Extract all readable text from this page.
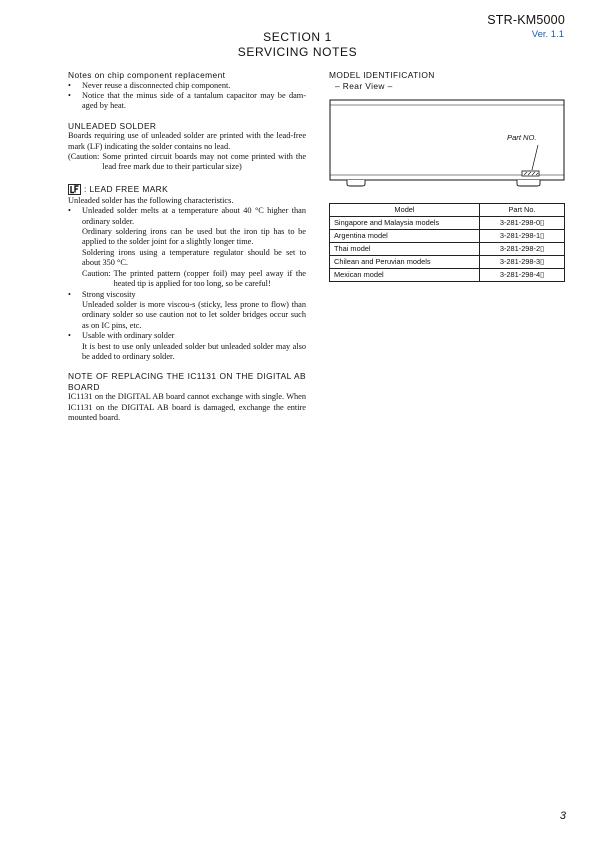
STR-KM5000
Ver. 1.1
SECTION 1
SERVICING NOTES

Notes on chip component replacement

• Never reuse a disconnected chip component.
• Notice that the minus side of a tantalum capacitor may be dam-aged by heat.

UNLEADED SOLDER

Boards requiring use of unleaded solder are printed with the lead-free mark (LF) indicating the solder contains no lead.

(Caution: Some printed circuit boards may not come printed with the lead free mark due to their particular size)
: LEAD FREE MARK

Unleaded solder has the following characteristics.

• Unleaded solder melts at a temperature about 40 °C higher than ordinary solder.

Ordinary soldering irons can be used but the iron tip has to be applied to the solder joint for a slightly longer time.

Soldering irons using a temperature regulator should be set to about 350 °C.

Caution: The printed pattern (copper foil) may peel away if the heated tip is applied for too long, so be careful!
• Strong viscosity

Unleaded solder is more viscou-s (sticky, less prone to flow) than ordinary solder so use caution not to let solder bridges occur such as on IC pins, etc.

• Usable with ordinary solder

It is best to use only unleaded solder but unleaded solder may also be added to ordinary solder.

NOTE OF REPLACING THE IC1131 ON THE DIGITAL AB BOARD

IC1131 on the DIGITAL AB board cannot exchange with single. When IC1131 on the DIGITAL AB board is damaged, exchange the entire mounted board.

MODEL IDENTIFICATION

– Rear View –

Part NO.
Model	Part No.
Singapore and Malaysia models	3-281-298-0▯
Argentina model	3-281-298-1▯
Thai model	3-281-298-2▯
Chilean and Peruvian models	3-281-298-3▯
Mexican model	3-281-298-4▯
3
